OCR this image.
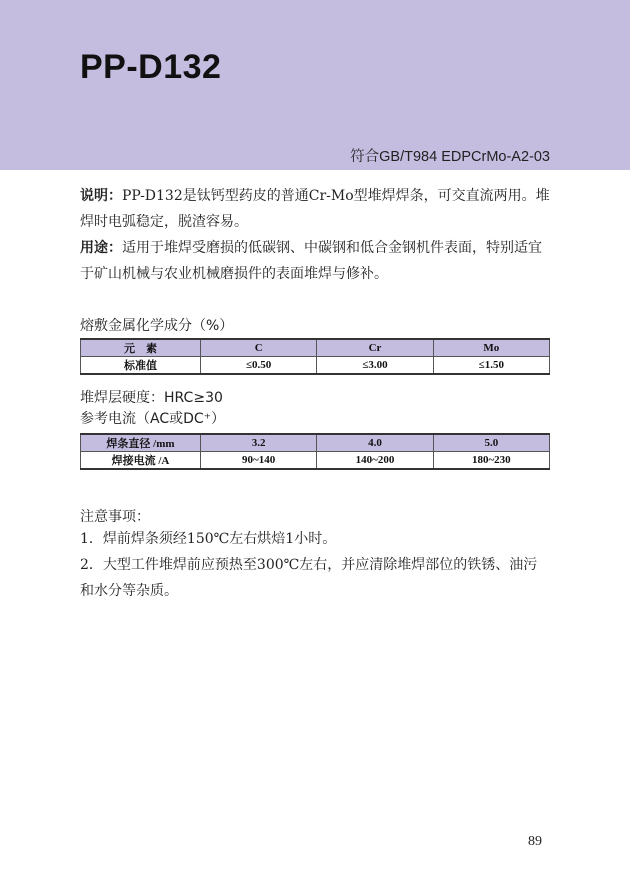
PP-D132
符合GB/T984 EDPCrMo-A2-03
说明：PP-D132是钛钙型药皮的普通Cr-Mo型堆焊焊条，可交直流两用。堆焊时电弧稳定，脱渣容易。
用途：适用于堆焊受磨损的低碳钢、中碳钢和低合金钢机件表面，特别适宜于矿山机械与农业机械磨损件的表面堆焊与修补。
熔敷金属化学成分（%）
元　素	C	Cr	Mo
标准值	≤0.50	≤3.00	≤1.50
堆焊层硬度：HRC≥30
参考电流（AC或DC⁺）
焊条直径 /mm	3.2	4.0	5.0
焊接电流 /A	90~140	140~200	180~230
注意事项：
1．焊前焊条须经150℃左右烘焙1小时。
2．大型工件堆焊前应预热至300℃左右，并应清除堆焊部位的铁锈、油污和水分等杂质。
89
